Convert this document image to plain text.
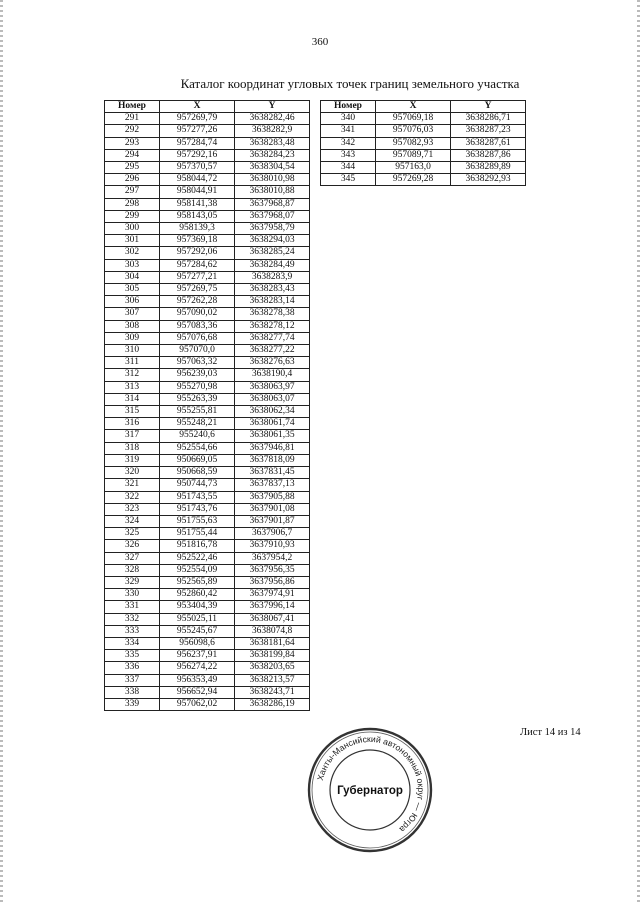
360
Каталог координат угловых точек границ земельного участка
Номер	X	Y
291	957269,79	3638282,46
292	957277,26	3638282,9
293	957284,74	3638283,48
294	957292,16	3638284,23
295	957370,57	3638304,54
296	958044,72	3638010,98
297	958044,91	3638010,88
298	958141,38	3637968,87
299	958143,05	3637968,07
300	958139,3	3637958,79
301	957369,18	3638294,03
302	957292,06	3638285,24
303	957284,62	3638284,49
304	957277,21	3638283,9
305	957269,75	3638283,43
306	957262,28	3638283,14
307	957090,02	3638278,38
308	957083,36	3638278,12
309	957076,68	3638277,74
310	957070,0	3638277,22
311	957063,32	3638276,63
312	956239,03	3638190,4
313	955270,98	3638063,97
314	955263,39	3638063,07
315	955255,81	3638062,34
316	955248,21	3638061,74
317	955240,6	3638061,35
318	952554,66	3637946,81
319	950669,05	3637818,09
320	950668,59	3637831,45
321	950744,73	3637837,13
322	951743,55	3637905,88
323	951743,76	3637901,08
324	951755,63	3637901,87
325	951755,44	3637906,7
326	951816,78	3637910,93
327	952522,46	3637954,2
328	952554,09	3637956,35
329	952565,89	3637956,86
330	952860,42	3637974,91
331	953404,39	3637996,14
332	955025,11	3638067,41
333	955245,67	3638074,8
334	956098,6	3638181,64
335	956237,91	3638199,84
336	956274,22	3638203,65
337	956353,49	3638213,57
338	956652,94	3638243,71
339	957062,02	3638286,19
Номер	X	Y
340	957069,18	3638286,71
341	957076,03	3638287,23
342	957082,93	3638287,61
343	957089,71	3638287,86
344	957163,0	3638289,89
345	957269,28	3638292,93
Лист 14 из 14
Ханты-Мансийский автономный округ — Югра
Губернатор
